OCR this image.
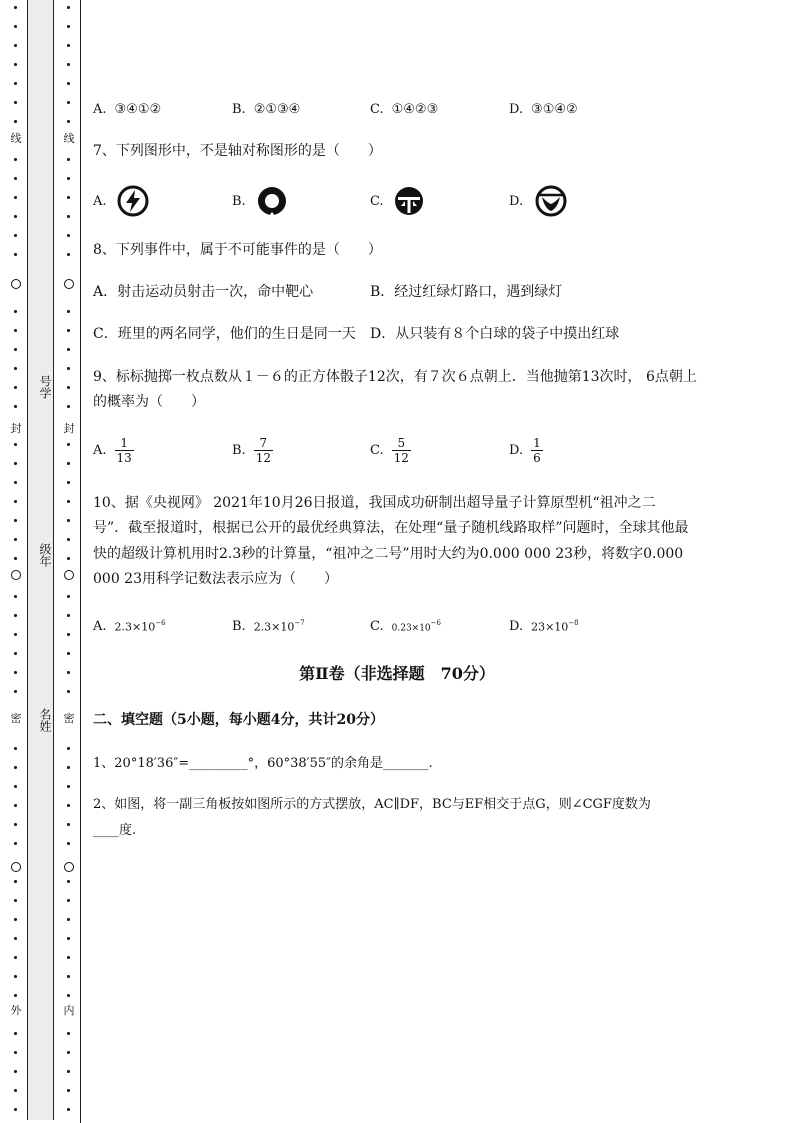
线
封
密
外
号学
级年
名姓
线
封
密
内
A. ③④①②	B. ②①③④	C. ①④②③	D. ③①④②
7、下列图形中，不是轴对称图形的是（　　）
A.	B.	C.	D.
8、下列事件中，属于不可能事件的是（　　）
A．射击运动员射击一次，命中靶心	B．经过红绿灯路口，遇到绿灯
C．班里的两名同学，他们的生日是同一天 D．从只装有８个白球的袋子中摸出红球
9、标标抛掷一枚点数从１－６的正方体骰子12次，有７次６点朝上．当他抛第13次时， 6点朝上
的概率为（　　）
A. $\frac{1}{13}$	B. $\frac{7}{12}$	C. $\frac{5}{12}$	D. $\frac{1}{6}$
10、据《央视网》 2021年10月26日报道，我国成功研制出超导量子计算原型机“祖冲之二
号”．截至报道时，根据已公开的最优经典算法，在处理“量子随机线路取样”问题时，全球其他最
快的超级计算机用时2.3秒的计算量，“祖冲之二号”用时大约为0.000 000 23秒，将数字0.000
000 23用科学记数法表示应为（　　）
A. $2.3\times 10^{-6}$	B. $2.3\times 10^{-7}$	C. $0.23\times 10^{-6}$	D. $23\times 10^{-8}$
第Ⅱ卷（非选择题　70分）
二、填空题（5小题，每小题4分，共计20分）
1、20°18′36″=_________°，60°38′55″的余角是_______.
2、如图，将一副三角板按如图所示的方式摆放，AC∥DF，BC与EF相交于点G，则∠CGF度数为
____度.
